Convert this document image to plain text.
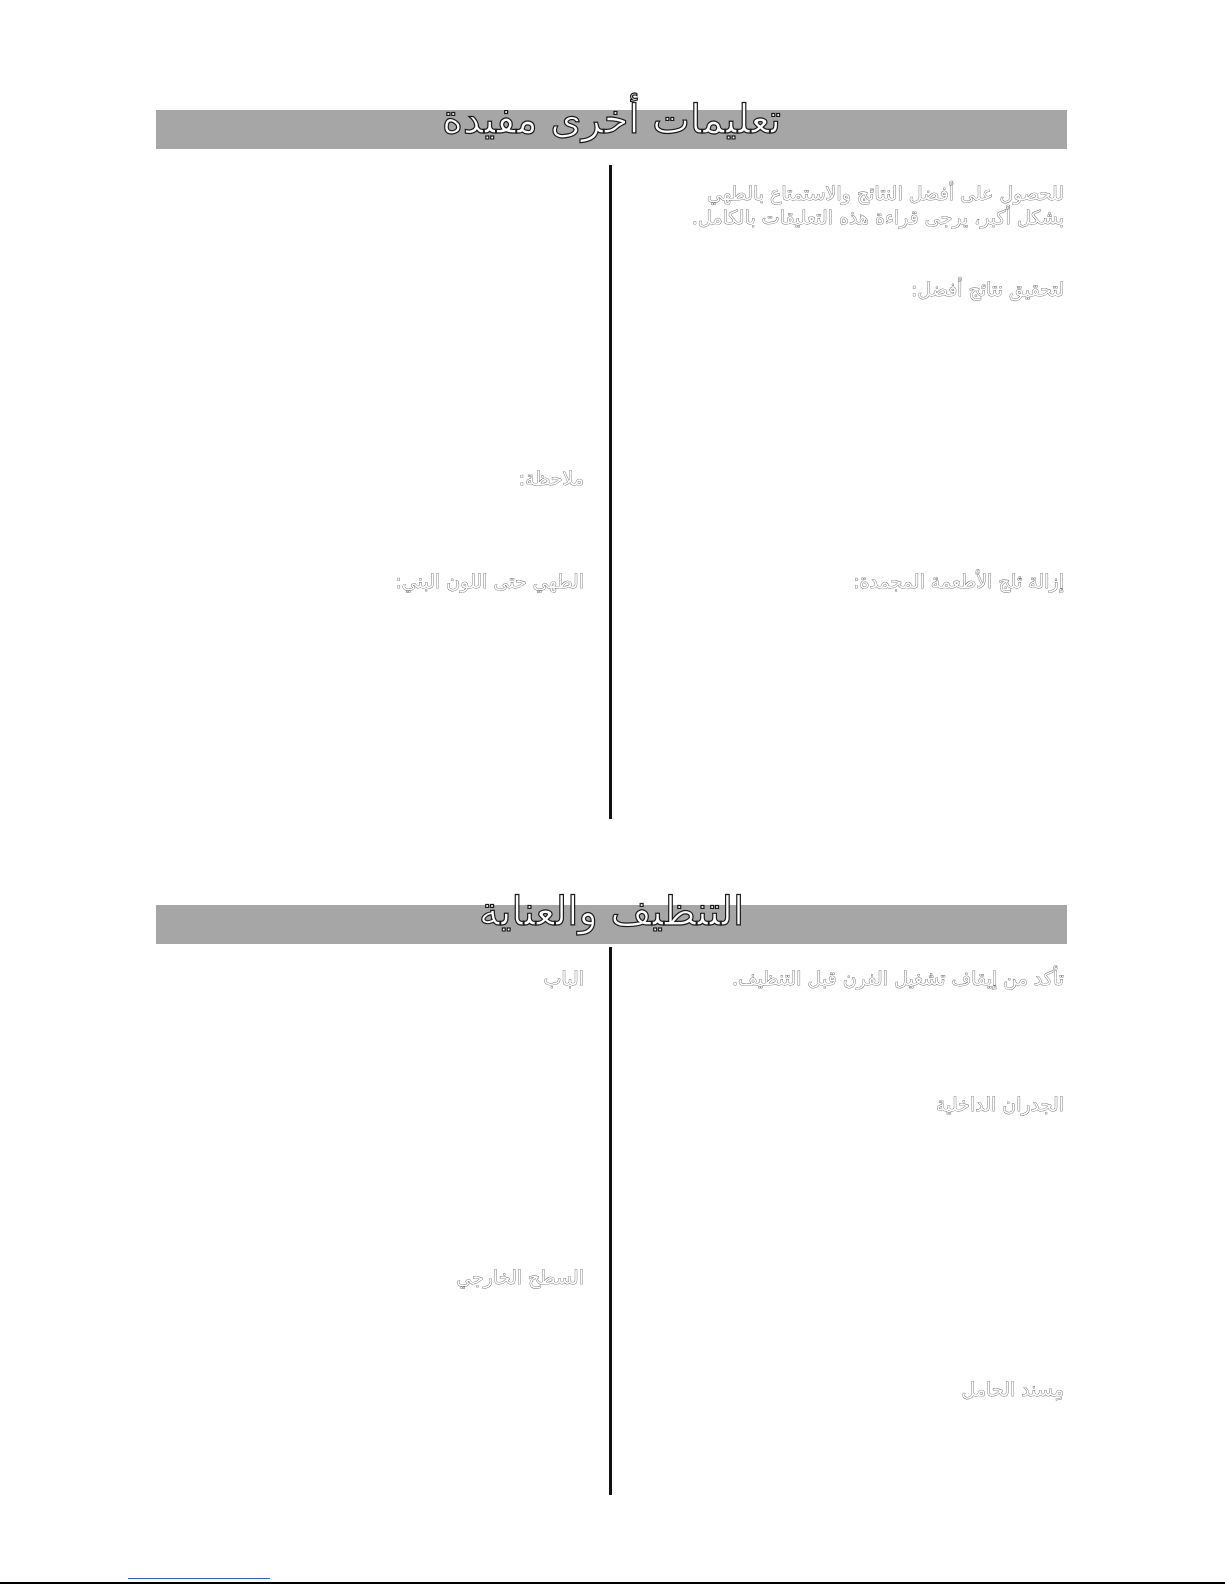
تعليمات أخرى مفيدة
للحصول على أفضل النتائج والاستمتاع بالطهي بشكل أكبر، يرجى قراءة هذه التعليقات بالكامل.
لتحقيق نتائج أفضل:
إزالة ثلج الأطعمة المجمدة:
ملاحظة:
الطهي حتى اللون البني:
التنظيف والعناية
تأكد من إيقاف تشغيل الفرن قبل التنظيف.
الجدران الداخلية
مِسند الحامل
الباب
السطح الخارجي
